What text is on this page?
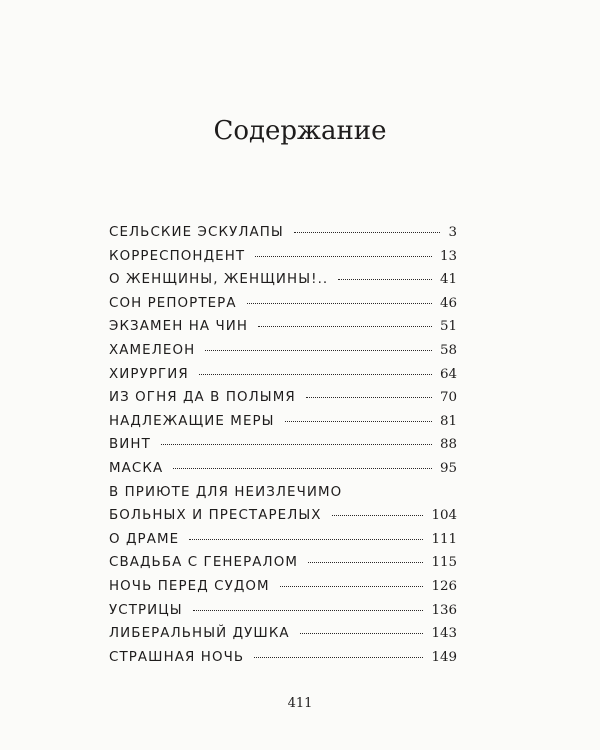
Содержание
СЕЛЬСКИЕ ЭСКУЛАПЫ	3
КОРРЕСПОНДЕНТ	13
О ЖЕНЩИНЫ, ЖЕНЩИНЫ!..	41
СОН РЕПОРТЕРА	46
ЭКЗАМЕН НА ЧИН	51
ХАМЕЛЕОН	58
ХИРУРГИЯ	64
ИЗ ОГНЯ ДА В ПОЛЫМЯ	70
НАДЛЕЖАЩИЕ МЕРЫ	81
ВИНТ	88
МАСКА	95
В ПРИЮТЕ ДЛЯ НЕИЗЛЕЧИМО
БОЛЬНЫХ И ПРЕСТАРЕЛЫХ	104
О ДРАМЕ	111
СВАДЬБА С ГЕНЕРАЛОМ	115
НОЧЬ ПЕРЕД СУДОМ	126
УСТРИЦЫ	136
ЛИБЕРАЛЬНЫЙ ДУШКА	143
СТРАШНАЯ НОЧЬ	149
411
